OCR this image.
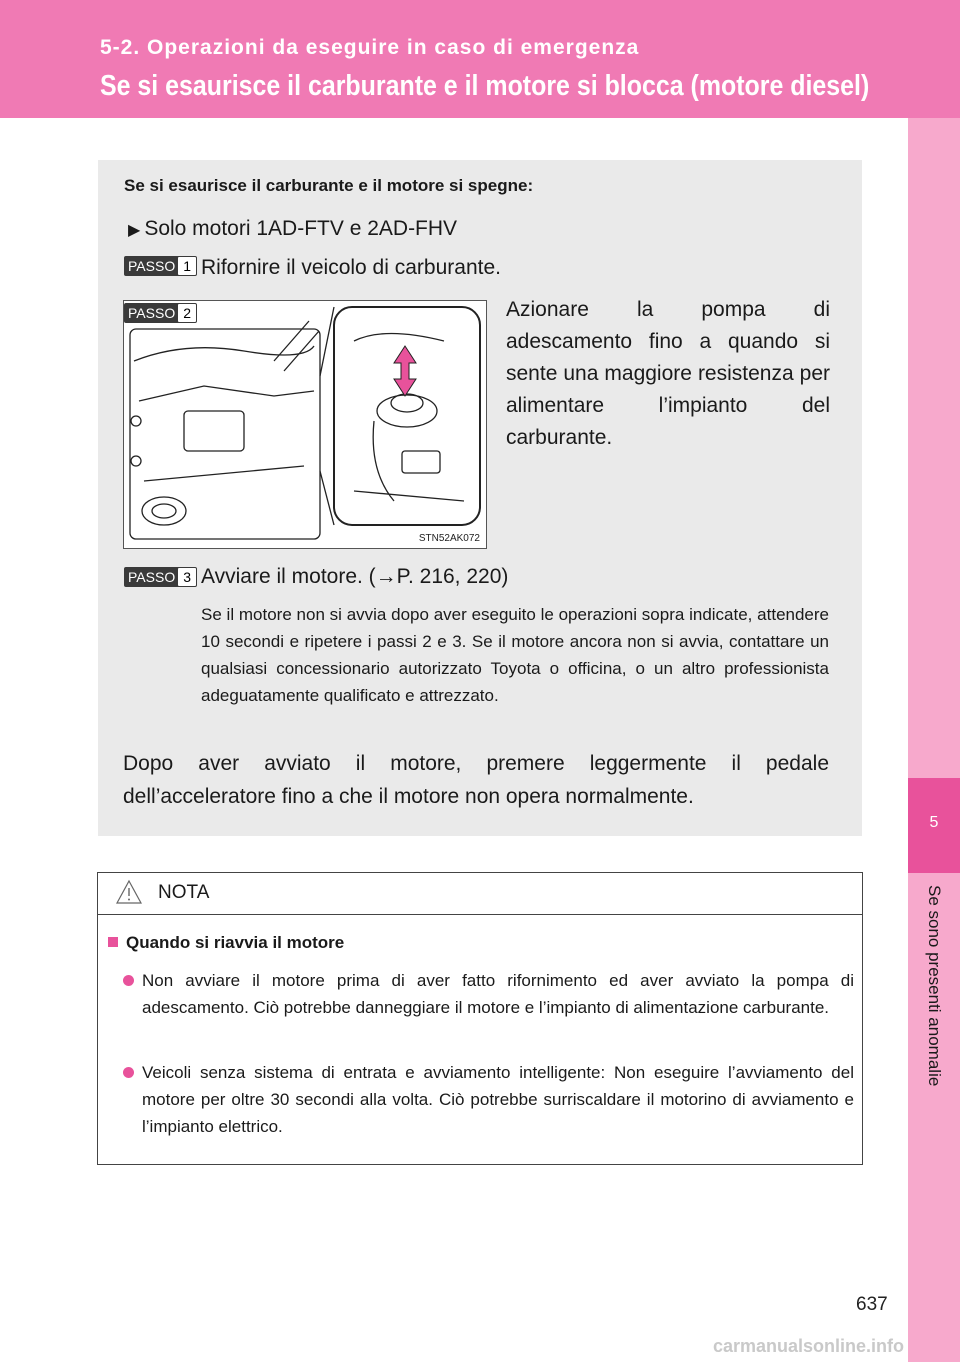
5-2. Operazioni da eseguire in caso di emergenza
Se si esaurisce il carburante e il motore si blocca (motore diesel)
5
Se sono presenti anomalie
Se si esaurisce il carburante e il motore si spegne:
▶ Solo motori 1AD-FTV e 2AD-FHV
PASSO 1 Rifornire il veicolo di carburante.
PASSO 2
STN52AK072
Azionare la pompa di adescamento fino a quando si sente una maggiore resistenza per alimentare l’impianto del carburante.
PASSO 3 Avviare il motore. (→P. 216, 220)
Se il motore non si avvia dopo aver eseguito le operazioni sopra indicate, attendere 10 secondi e ripetere i passi 2 e 3. Se il motore ancora non si avvia, contattare un qualsiasi concessionario autorizzato Toyota o officina, o un altro professionista adeguatamente qualificato e attrezzato.
Dopo aver avviato il motore, premere leggermente il pedale dell’acceleratore fino a che il motore non opera normalmente.
NOTA
Quando si riavvia il motore
Non avviare il motore prima di aver fatto rifornimento ed aver avviato la pompa di adescamento. Ciò potrebbe danneggiare il motore e l’impianto di alimentazione carburante.
Veicoli senza sistema di entrata e avviamento intelligente: Non eseguire l’avviamento del motore per oltre 30 secondi alla volta. Ciò potrebbe surriscaldare il motorino di avviamento e l’impianto elettrico.
637
carmanualsonline.info
